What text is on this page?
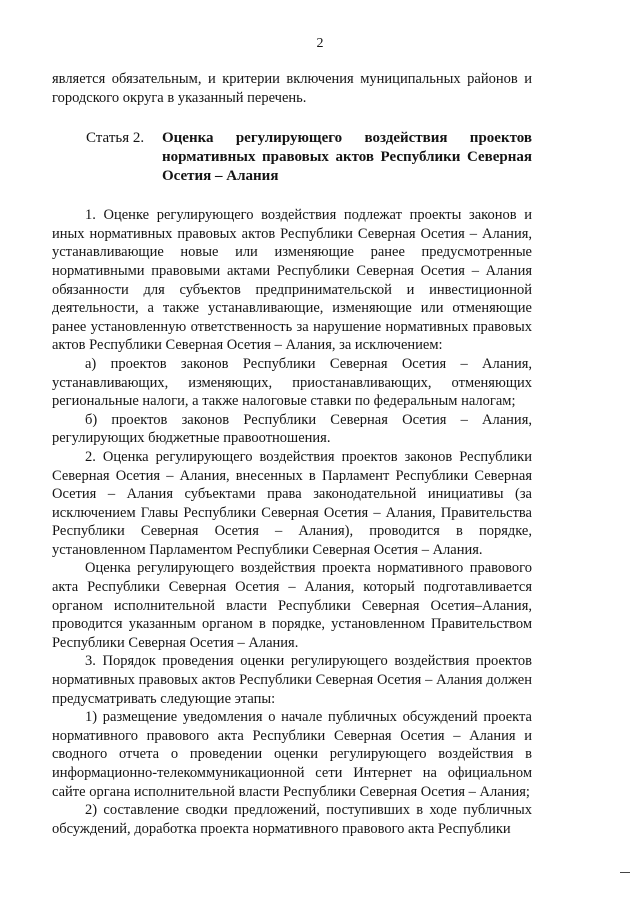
2

является обязательным, и критерии включения муниципальных районов и городского округа в указанный перечень.

Статья 2.	Оценка регулирующего воздействия проектов нормативных правовых актов Республики Северная Осетия – Алания

1. Оценке регулирующего воздействия подлежат проекты законов и иных нормативных правовых актов Республики Северная Осетия – Алания, устанавливающие новые или изменяющие ранее предусмотренные нормативными правовыми актами Республики Северная Осетия – Алания обязанности для субъектов предпринимательской и инвестиционной деятельности, а также устанавливающие, изменяющие или отменяющие ранее установленную ответственность за нарушение нормативных правовых актов Республики Северная Осетия – Алания, за исключением:

а) проектов законов Республики Северная Осетия – Алания, устанавливающих, изменяющих, приостанавливающих, отменяющих региональные налоги, а также налоговые ставки по федеральным налогам;

б) проектов законов Республики Северная Осетия – Алания, регулирующих бюджетные правоотношения.

2. Оценка регулирующего воздействия проектов законов Республики Северная Осетия – Алания, внесенных в Парламент Республики Северная Осетия – Алания субъектами права законодательной инициативы (за исключением Главы Республики Северная Осетия – Алания, Правительства Республики Северная Осетия – Алания), проводится в порядке, установленном Парламентом Республики Северная Осетия – Алания.

Оценка регулирующего воздействия проекта нормативного правового акта Республики Северная Осетия – Алания, который подготавливается органом исполнительной власти Республики Северная Осетия–Алания, проводится указанным органом в порядке, установленном Правительством Республики Северная Осетия – Алания.

3. Порядок проведения оценки регулирующего воздействия проектов нормативных правовых актов Республики Северная Осетия – Алания должен предусматривать следующие этапы:

1) размещение уведомления о начале публичных обсуждений проекта нормативного правового акта Республики Северная Осетия – Алания и сводного отчета о проведении оценки регулирующего воздействия в информационно-телекоммуникационной сети Интернет на официальном сайте органа исполнительной власти Республики Северная Осетия – Алания;

2) составление сводки предложений, поступивших в ходе публичных обсуждений, доработка проекта нормативного правового акта Республики
